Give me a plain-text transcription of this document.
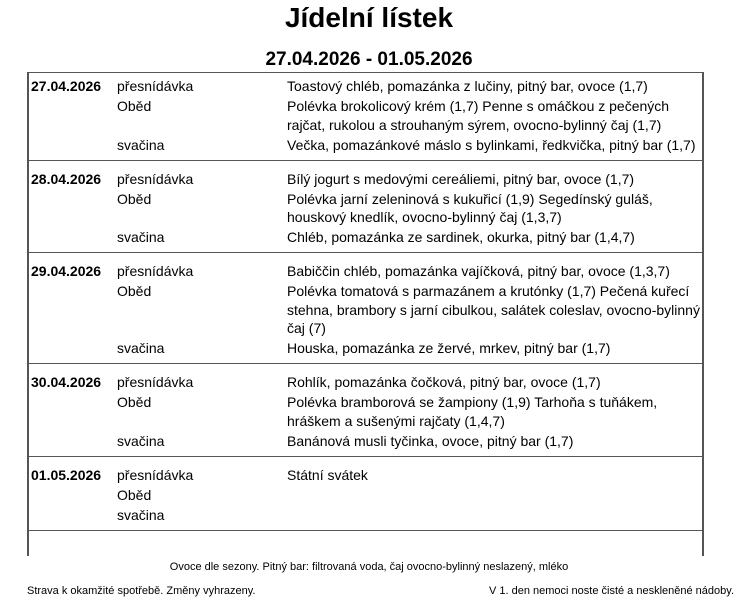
Jídelní lístek
27.04.2026 - 01.05.2026
27.04.2026	přesnídávka	Toastový chléb, pomazánka z lučiny, pitný bar, ovoce (1,7)
Oběd	Polévka brokolicový krém (1,7) Penne s omáčkou z pečených rajčat, rukolou a strouhaným sýrem, ovocno-bylinný čaj (1,7)
svačina	Večka, pomazánkové máslo s bylinkami, ředkvička, pitný bar (1,7)
28.04.2026	přesnídávka	Bílý jogurt s medovými cereáliemi, pitný bar, ovoce (1,7)
Oběd	Polévka jarní zeleninová s kukuřicí (1,9) Segedínský guláš, houskový knedlík, ovocno-bylinný čaj (1,3,7)
svačina	Chléb, pomazánka ze sardinek, okurka, pitný bar (1,4,7)
29.04.2026	přesnídávka	Babiččin chléb, pomazánka vajíčková, pitný bar, ovoce (1,3,7)
Oběd	Polévka tomatová s parmazánem a krutónky (1,7) Pečená kuřecí stehna, brambory s jarní cibulkou, salátek coleslav, ovocno-bylinný čaj (7)
svačina	Houska, pomazánka ze žervé, mrkev, pitný bar (1,7)
30.04.2026	přesnídávka	Rohlík, pomazánka čočková, pitný bar, ovoce (1,7)
Oběd	Polévka bramborová se žampiony (1,9) Tarhoňa s tuňákem, hráškem a sušenými rajčaty (1,4,7)
svačina	Banánová musli tyčinka, ovoce, pitný bar (1,7)
01.05.2026	přesnídávka	Státní svátek
Oběd
svačina
Ovoce dle sezony. Pitný bar: filtrovaná voda, čaj ovocno-bylinný neslazený, mléko
Strava k okamžité spotřebě. Změny vyhrazeny.	V 1. den nemoci noste čisté a neskleněné nádoby.
